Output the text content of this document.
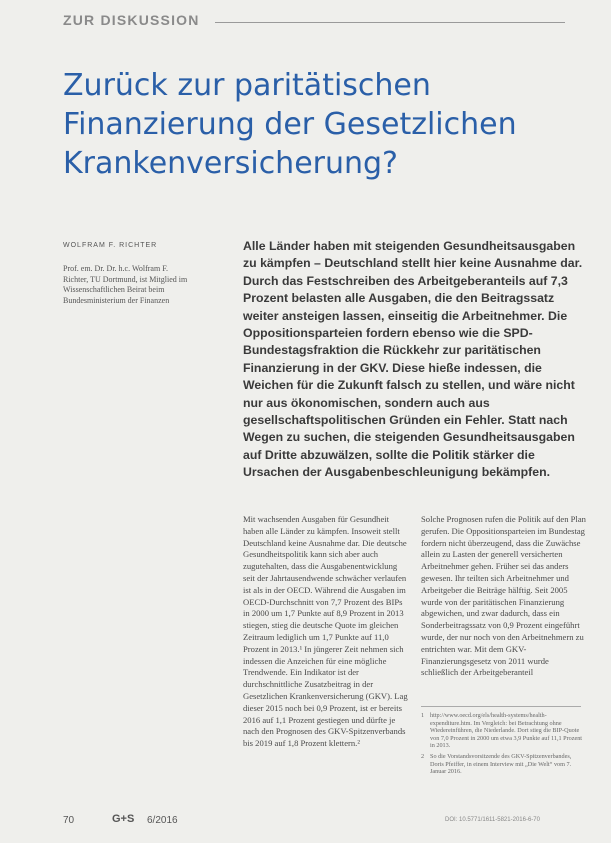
ZUR DISKUSSION
Zurück zur paritätischen Finanzierung der Gesetzlichen Krankenversicherung?
WOLFRAM F. RICHTER
Prof. em. Dr. Dr. h.c. Wolfram F. Richter, TU Dortmund, ist Mitglied im Wissenschaftlichen Beirat beim Bundesministerium der Finanzen
Alle Länder haben mit steigenden Gesundheitsausgaben zu kämpfen – Deutschland stellt hier keine Ausnahme dar. Durch das Festschreiben des Arbeitgeberanteils auf 7,3 Prozent belasten alle Ausgaben, die den Beitragssatz weiter ansteigen lassen, einseitig die Arbeitnehmer. Die Oppositionsparteien fordern ebenso wie die SPD-Bundestagsfraktion die Rückkehr zur paritätischen Finanzierung in der GKV. Diese hieße indessen, die Weichen für die Zukunft falsch zu stellen, und wäre nicht nur aus ökonomischen, sondern auch aus gesellschaftspolitischen Gründen ein Fehler. Statt nach Wegen zu suchen, die steigenden Gesundheitsausgaben auf Dritte abzuwälzen, sollte die Politik stärker die Ursachen der Ausgabenbeschleunigung bekämpfen.
Mit wachsenden Ausgaben für Gesundheit haben alle Länder zu kämpfen. Insoweit stellt Deutschland keine Ausnahme dar. Die deutsche Gesundheitspolitik kann sich aber auch zugutehalten, dass die Ausgabenentwicklung seit der Jahrtausendwende schwächer verlaufen ist als in der OECD. Während die Ausgaben im OECD-Durchschnitt von 7,7 Prozent des BIPs in 2000 um 1,7 Punkte auf 8,9 Prozent in 2013 stiegen, stieg die deutsche Quote im gleichen Zeitraum lediglich um 1,7 Punkte auf 11,0 Prozent in 2013.¹ In jüngerer Zeit nehmen sich indessen die Anzeichen für eine mögliche Trendwende. Ein Indikator ist der durchschnittliche Zusatzbeitrag in der Gesetzlichen Krankenversicherung (GKV). Lag dieser 2015 noch bei 0,9 Prozent, ist er bereits 2016 auf 1,1 Prozent gestiegen und dürfte je nach den Prognosen des GKV-Spitzenverbands bis 2019 auf 1,8 Prozent klettern.²
Solche Prognosen rufen die Politik auf den Plan gerufen. Die Oppositionsparteien im Bundestag fordern nicht überzeugend, dass die Zuwächse allein zu Lasten der generell versicherten Arbeitnehmer gehen. Früher sei das anders gewesen. Ihr teilten sich Arbeitnehmer und Arbeitgeber die Beiträge hälftig. Seit 2005 wurde von der paritätischen Finanzierung abgewichen, und zwar dadurch, dass ein Sonderbeitragssatz von 0,9 Prozent eingeführt wurde, der nur noch von den Arbeitnehmern zu entrichten war. Mit dem GKV-Finanzierungsgesetz von 2011 wurde schließlich der Arbeitgeberanteil
1 http://www.oecd.org/els/health-systems/health-expenditure.htm. Im Vergleich: bei Betrachtung ohne Wiedereinführen, die Niederlande. Dort stieg die BIP-Quote von 7,0 Prozent in 2000 um etwa 3,9 Punkte auf 11,1 Prozent in 2013.
2 So die Vorstandsvorsitzende des GKV-Spitzenverbandes, Doris Pfeiffer, in einem Interview mit „Die Welt“ vom 7. Januar 2016.
70	G+S 6/2016	DOI: 10.5771/1611-5821-2016-6-70
